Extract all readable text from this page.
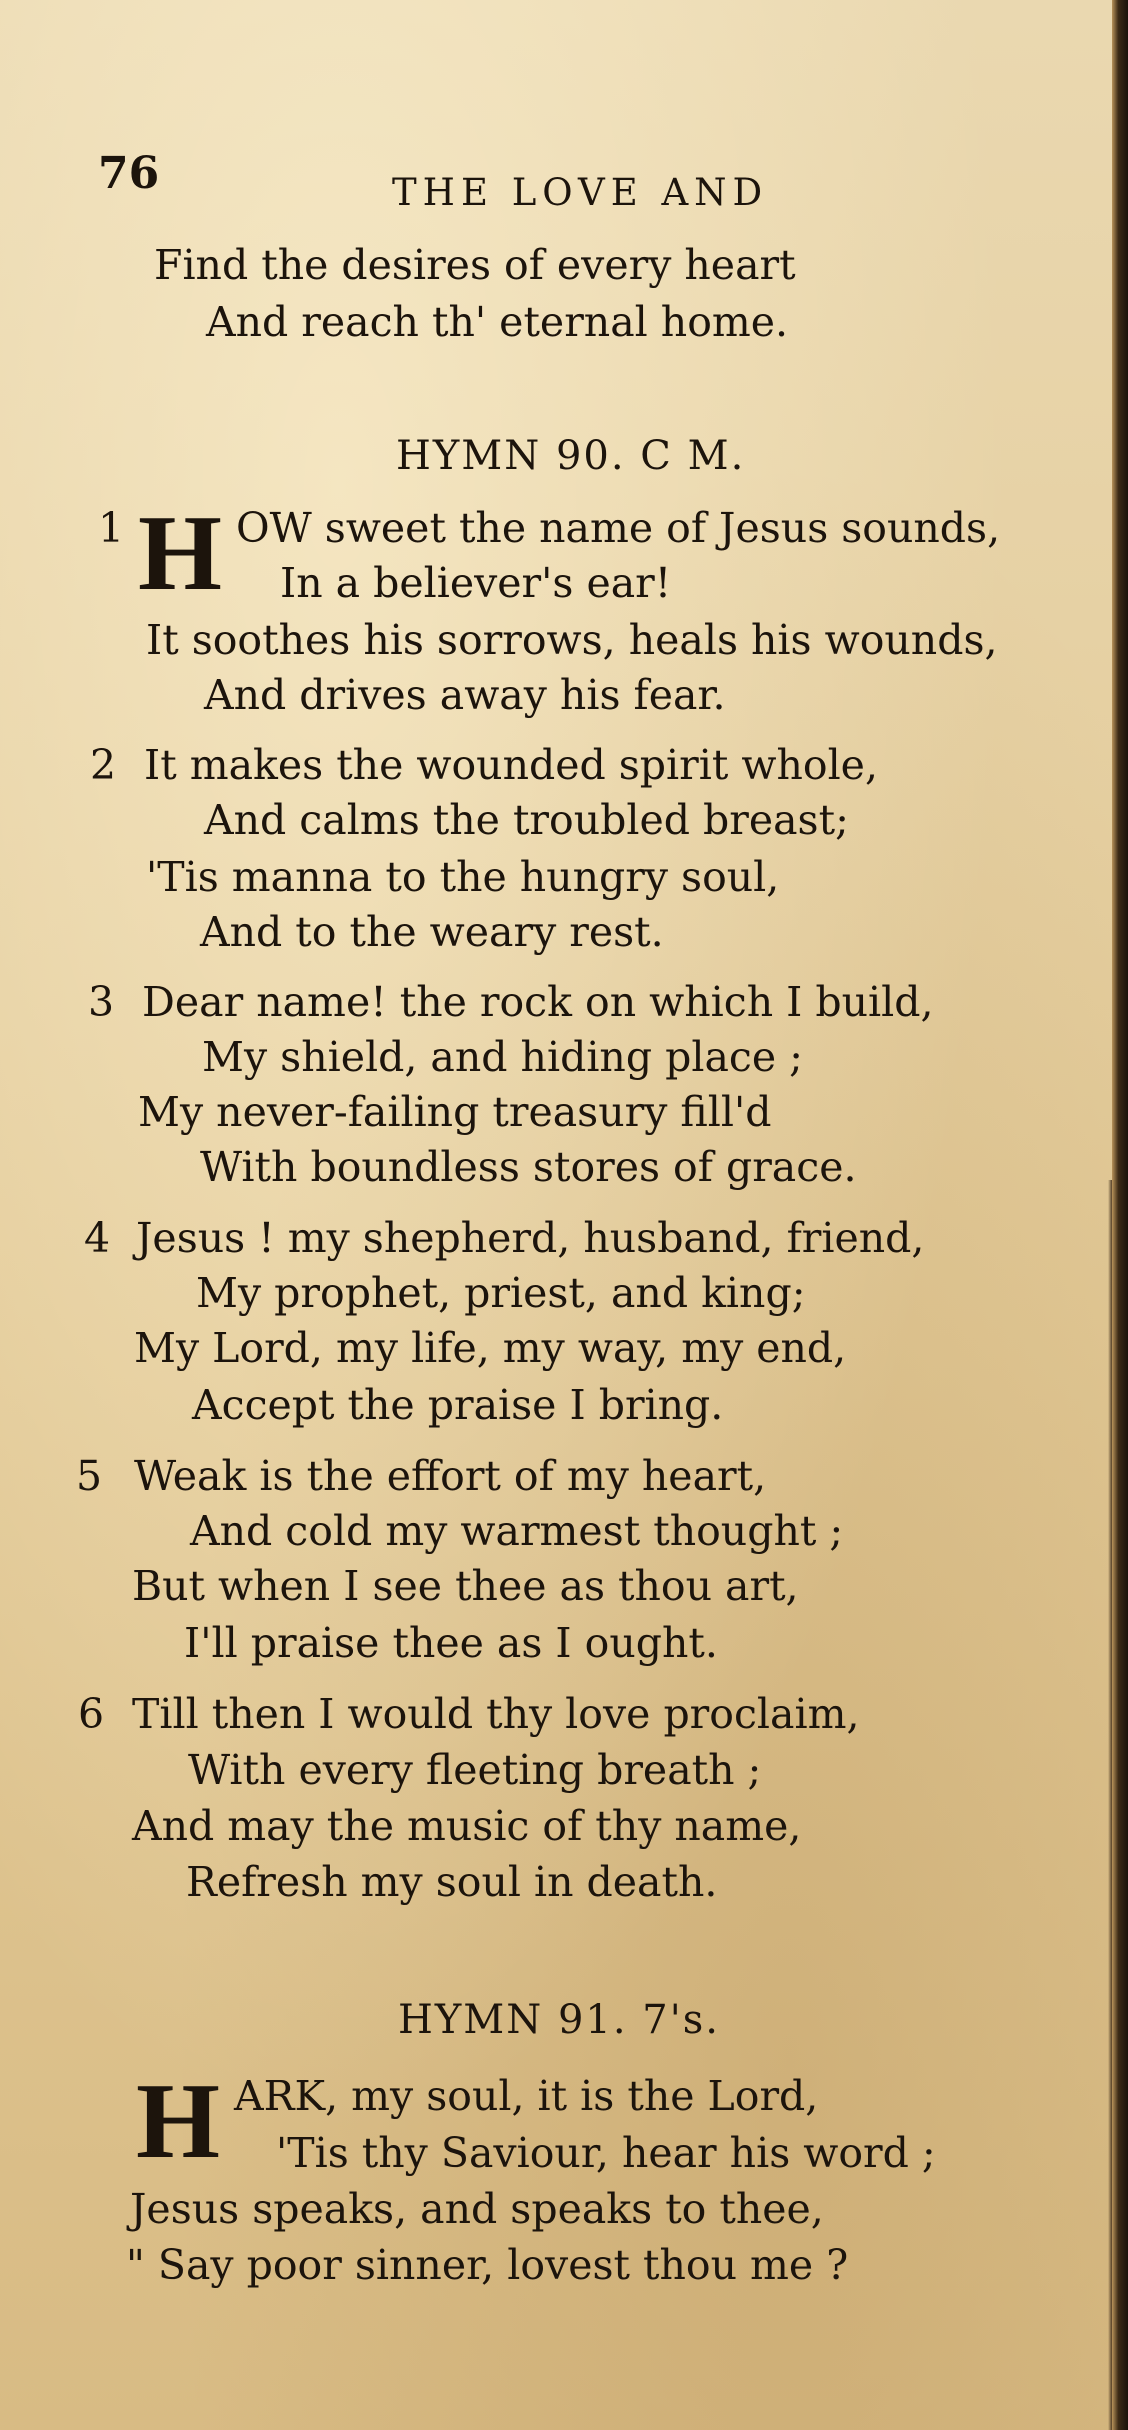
76	THE LOVE AND
Find the desires of every heart
And reach th' eternal home.
HYMN 90. C M.
1 H OW sweet the name of Jesus sounds,
In a believer's ear!
It soothes his sorrows, heals his wounds,
And drives away his fear.
2 It makes the wounded spirit whole,
And calms the troubled breast;
'Tis manna to the hungry soul,
And to the weary rest.
3 Dear name! the rock on which I build,
My shield, and hiding place ;
My never-failing treasury fill'd
With boundless stores of grace.
4 Jesus ! my shepherd, husband, friend,
My prophet, priest, and king;
My Lord, my life, my way, my end,
Accept the praise I bring.
5 Weak is the effort of my heart,
And cold my warmest thought ;
But when I see thee as thou art,
I'll praise thee as I ought.
6 Till then I would thy love proclaim,
With every fleeting breath ;
And may the music of thy name,
Refresh my soul in death.
HYMN 91. 7's.
H ARK, my soul, it is the Lord,
'Tis thy Saviour, hear his word ;
Jesus speaks, and speaks to thee,
" Say poor sinner, lovest thou me ?
